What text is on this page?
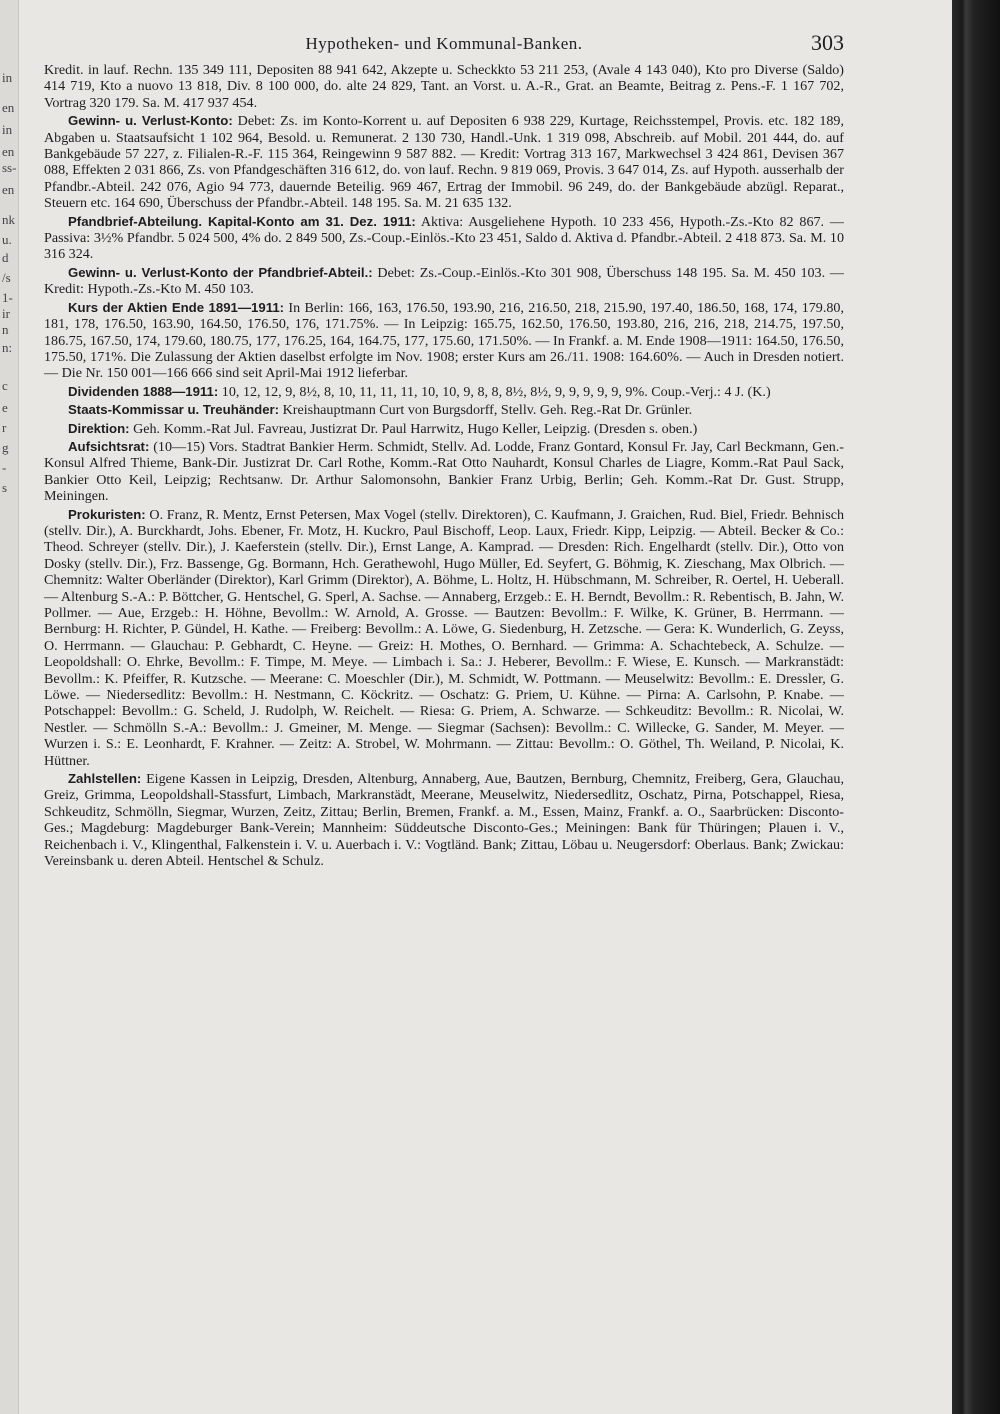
in
en
in
en
ss-
en
nk
u.
d
/s
1-
ir
n
n:
c
e
r
g
-
s
Hypotheken- und Kommunal-Banken.	303

Kredit. in lauf. Rechn. 135 349 111, Depositen 88 941 642, Akzepte u. Scheckkto 53 211 253, (Avale 4 143 040), Kto pro Diverse (Saldo) 414 719, Kto a nuovo 13 818, Div. 8 100 000, do. alte 24 829, Tant. an Vorst. u. A.-R., Grat. an Beamte, Beitrag z. Pens.-F. 1 167 702, Vortrag 320 179. Sa. M. 417 937 454.

Gewinn- u. Verlust-Konto: Debet: Zs. im Konto-Korrent u. auf Depositen 6 938 229, Kurtage, Reichsstempel, Provis. etc. 182 189, Abgaben u. Staatsaufsicht 1 102 964, Besold. u. Remunerat. 2 130 730, Handl.-Unk. 1 319 098, Abschreib. auf Mobil. 201 444, do. auf Bankgebäude 57 227, z. Filialen-R.-F. 115 364, Reingewinn 9 587 882. — Kredit: Vortrag 313 167, Markwechsel 3 424 861, Devisen 367 088, Effekten 2 031 866, Zs. von Pfandgeschäften 316 612, do. von lauf. Rechn. 9 819 069, Provis. 3 647 014, Zs. auf Hypoth. ausserhalb der Pfandbr.-Abteil. 242 076, Agio 94 773, dauernde Beteilig. 969 467, Ertrag der Immobil. 96 249, do. der Bankgebäude abzügl. Reparat., Steuern etc. 164 690, Überschuss der Pfandbr.-Abteil. 148 195. Sa. M. 21 635 132.

Pfandbrief-Abteilung. Kapital-Konto am 31. Dez. 1911: Aktiva: Ausgeliehene Hypoth. 10 233 456, Hypoth.-Zs.-Kto 82 867. — Passiva: 3½% Pfandbr. 5 024 500, 4% do. 2 849 500, Zs.-Coup.-Einlös.-Kto 23 451, Saldo d. Aktiva d. Pfandbr.-Abteil. 2 418 873. Sa. M. 10 316 324.

Gewinn- u. Verlust-Konto der Pfandbrief-Abteil.: Debet: Zs.-Coup.-Einlös.-Kto 301 908, Überschuss 148 195. Sa. M. 450 103. — Kredit: Hypoth.-Zs.-Kto M. 450 103.

Kurs der Aktien Ende 1891—1911: In Berlin: 166, 163, 176.50, 193.90, 216, 216.50, 218, 215.90, 197.40, 186.50, 168, 174, 179.80, 181, 178, 176.50, 163.90, 164.50, 176.50, 176, 171.75%. — In Leipzig: 165.75, 162.50, 176.50, 193.80, 216, 216, 218, 214.75, 197.50, 186.75, 167.50, 174, 179.60, 180.75, 177, 176.25, 164, 164.75, 177, 175.60, 171.50%. — In Frankf. a. M. Ende 1908—1911: 164.50, 176.50, 175.50, 171%. Die Zulassung der Aktien daselbst erfolgte im Nov. 1908; erster Kurs am 26./11. 1908: 164.60%. — Auch in Dresden notiert. — Die Nr. 150 001—166 666 sind seit April-Mai 1912 lieferbar.

Dividenden 1888—1911: 10, 12, 12, 9, 8½, 8, 10, 11, 11, 11, 10, 10, 9, 8, 8, 8½, 8½, 9, 9, 9, 9, 9, 9%. Coup.-Verj.: 4 J. (K.)

Staats-Kommissar u. Treuhänder: Kreishauptmann Curt von Burgsdorff, Stellv. Geh. Reg.-Rat Dr. Grünler.

Direktion: Geh. Komm.-Rat Jul. Favreau, Justizrat Dr. Paul Harrwitz, Hugo Keller, Leipzig. (Dresden s. oben.)

Aufsichtsrat: (10—15) Vors. Stadtrat Bankier Herm. Schmidt, Stellv. Ad. Lodde, Franz Gontard, Konsul Fr. Jay, Carl Beckmann, Gen.-Konsul Alfred Thieme, Bank-Dir. Justizrat Dr. Carl Rothe, Komm.-Rat Otto Nauhardt, Konsul Charles de Liagre, Komm.-Rat Paul Sack, Bankier Otto Keil, Leipzig; Rechtsanw. Dr. Arthur Salomonsohn, Bankier Franz Urbig, Berlin; Geh. Komm.-Rat Dr. Gust. Strupp, Meiningen.

Prokuristen: O. Franz, R. Mentz, Ernst Petersen, Max Vogel (stellv. Direktoren), C. Kaufmann, J. Graichen, Rud. Biel, Friedr. Behnisch (stellv. Dir.), A. Burckhardt, Johs. Ebener, Fr. Motz, H. Kuckro, Paul Bischoff, Leop. Laux, Friedr. Kipp, Leipzig. — Abteil. Becker & Co.: Theod. Schreyer (stellv. Dir.), J. Kaeferstein (stellv. Dir.), Ernst Lange, A. Kamprad. — Dresden: Rich. Engelhardt (stellv. Dir.), Otto von Dosky (stellv. Dir.), Frz. Bassenge, Gg. Bormann, Hch. Gerathewohl, Hugo Müller, Ed. Seyfert, G. Böhmig, K. Zieschang, Max Olbrich. — Chemnitz: Walter Oberländer (Direktor), Karl Grimm (Direktor), A. Böhme, L. Holtz, H. Hübschmann, M. Schreiber, R. Oertel, H. Ueberall. — Altenburg S.-A.: P. Böttcher, G. Hentschel, G. Sperl, A. Sachse. — Annaberg, Erzgeb.: E. H. Berndt, Bevollm.: R. Rebentisch, B. Jahn, W. Pollmer. — Aue, Erzgeb.: H. Höhne, Bevollm.: W. Arnold, A. Grosse. — Bautzen: Bevollm.: F. Wilke, K. Grüner, B. Herrmann. — Bernburg: H. Richter, P. Gündel, H. Kathe. — Freiberg: Bevollm.: A. Löwe, G. Siedenburg, H. Zetzsche. — Gera: K. Wunderlich, G. Zeyss, O. Herrmann. — Glauchau: P. Gebhardt, C. Heyne. — Greiz: H. Mothes, O. Bernhard. — Grimma: A. Schachtebeck, A. Schulze. — Leopoldshall: O. Ehrke, Bevollm.: F. Timpe, M. Meye. — Limbach i. Sa.: J. Heberer, Bevollm.: F. Wiese, E. Kunsch. — Markranstädt: Bevollm.: K. Pfeiffer, R. Kutzsche. — Meerane: C. Moeschler (Dir.), M. Schmidt, W. Pottmann. — Meuselwitz: Bevollm.: E. Dressler, G. Löwe. — Niedersedlitz: Bevollm.: H. Nestmann, C. Köckritz. — Oschatz: G. Priem, U. Kühne. — Pirna: A. Carlsohn, P. Knabe. — Potschappel: Bevollm.: G. Scheld, J. Rudolph, W. Reichelt. — Riesa: G. Priem, A. Schwarze. — Schkeuditz: Bevollm.: R. Nicolai, W. Nestler. — Schmölln S.-A.: Bevollm.: J. Gmeiner, M. Menge. — Siegmar (Sachsen): Bevollm.: C. Willecke, G. Sander, M. Meyer. — Wurzen i. S.: E. Leonhardt, F. Krahner. — Zeitz: A. Strobel, W. Mohrmann. — Zittau: Bevollm.: O. Göthel, Th. Weiland, P. Nicolai, K. Hüttner.

Zahlstellen: Eigene Kassen in Leipzig, Dresden, Altenburg, Annaberg, Aue, Bautzen, Bernburg, Chemnitz, Freiberg, Gera, Glauchau, Greiz, Grimma, Leopoldshall-Stassfurt, Limbach, Markranstädt, Meerane, Meuselwitz, Niedersedlitz, Oschatz, Pirna, Potschappel, Riesa, Schkeuditz, Schmölln, Siegmar, Wurzen, Zeitz, Zittau; Berlin, Bremen, Frankf. a. M., Essen, Mainz, Frankf. a. O., Saarbrücken: Disconto-Ges.; Magdeburg: Magdeburger Bank-Verein; Mannheim: Süddeutsche Disconto-Ges.; Meiningen: Bank für Thüringen; Plauen i. V., Reichenbach i. V., Klingenthal, Falkenstein i. V. u. Auerbach i. V.: Vogtländ. Bank; Zittau, Löbau u. Neugersdorf: Oberlaus. Bank; Zwickau: Vereinsbank u. deren Abteil. Hentschel & Schulz.
